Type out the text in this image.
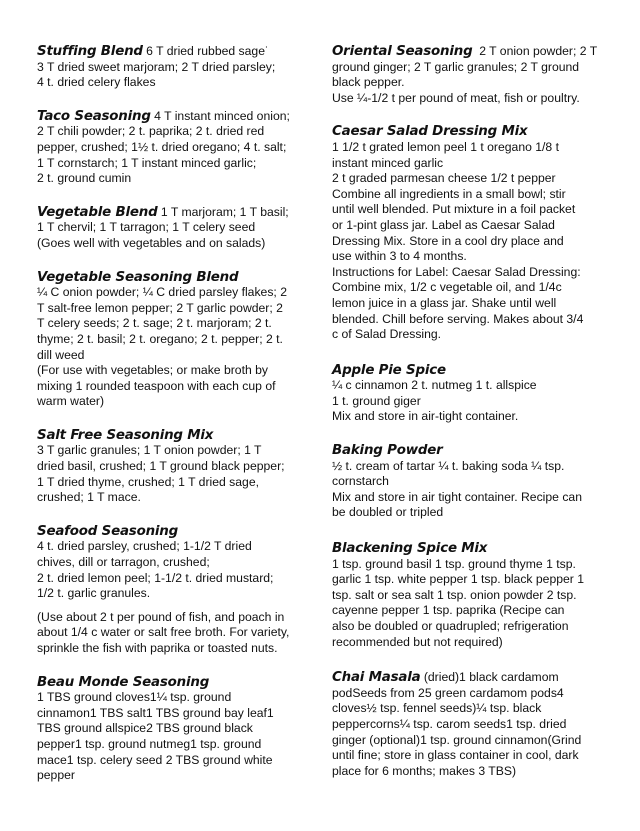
Stuffing Blend 6 T dried rubbed sage˙
3 T dried sweet marjoram; 2 T dried parsley;
4 t. dried celery flakes
Taco Seasoning 4 T instant minced onion;
2 T chili powder; 2 t. paprika; 2 t. dried red
pepper, crushed; 1½ t. dried oregano; 4 t. salt;
1 T cornstarch; 1 T instant minced garlic;
2 t. ground cumin
Vegetable Blend 1 T marjoram; 1 T basil;
1 T chervil; 1 T tarragon; 1 T celery seed
(Goes well with vegetables and on salads)
Vegetable Seasoning Blend
¼ C onion powder; ¼ C dried parsley flakes; 2
T salt-free lemon pepper; 2 T garlic powder; 2
T celery seeds; 2 t. sage; 2 t. marjoram; 2 t.
thyme; 2 t. basil; 2 t. oregano; 2 t. pepper; 2 t.
dill weed
(For use with vegetables; or make broth by
mixing 1 rounded teaspoon with each cup of
warm water)
Salt Free Seasoning Mix
3 T garlic granules; 1 T onion powder; 1 T
dried basil, crushed; 1 T ground black pepper;
1 T dried thyme, crushed; 1 T dried sage,
crushed; 1 T mace.
Seafood Seasoning
4 t. dried parsley, crushed; 1-1/2 T dried
chives, dill or tarragon, crushed;
2 t. dried lemon peel; 1-1/2 t. dried mustard;
1/2 t. garlic granules.

(Use about 2 t per pound of fish, and poach in
about 1/4 c water or salt free broth. For variety,
sprinkle the fish with paprika or toasted nuts.
Beau Monde Seasoning
1 TBS ground cloves1¼ tsp. ground
cinnamon1 TBS salt1 TBS ground bay leaf1
TBS ground allspice2 TBS ground black
pepper1 tsp. ground nutmeg1 tsp. ground
mace1 tsp. celery seed 2 TBS ground white
pepper
Oriental Seasoning  2 T onion powder; 2 T
ground ginger; 2 T garlic granules; 2 T ground
black pepper.
Use ¼-1/2 t per pound of meat, fish or poultry.
Caesar Salad Dressing Mix
1 1/2 t grated lemon peel 1 t oregano 1/8 t
instant minced garlic
2 t graded parmesan cheese 1/2 t pepper
Combine all ingredients in a small bowl; stir
until well blended. Put mixture in a foil packet
or 1-pint glass jar. Label as Caesar Salad
Dressing Mix. Store in a cool dry place and
use within 3 to 4 months.
Instructions for Label: Caesar Salad Dressing:
Combine mix, 1/2 c vegetable oil, and 1/4c
lemon juice in a glass jar. Shake until well
blended. Chill before serving. Makes about 3/4
c of Salad Dressing.
Apple Pie Spice
¼ c cinnamon 2 t. nutmeg 1 t. allspice
1 t. ground giger
Mix and store in air-tight container.
Baking Powder
½ t. cream of tartar ¼ t. baking soda ¼ tsp.
cornstarch
Mix and store in air tight container. Recipe can
be doubled or tripled
Blackening Spice Mix
1 tsp. ground basil 1 tsp. ground thyme 1 tsp.
garlic 1 tsp. white pepper 1 tsp. black pepper 1
tsp. salt or sea salt 1 tsp. onion powder 2 tsp.
cayenne pepper 1 tsp. paprika (Recipe can
also be doubled or quadrupled; refrigeration
recommended but not required)
Chai Masala (dried)1 black cardamom
podSeeds from 25 green cardamom pods4
cloves½ tsp. fennel seeds)¼ tsp. black
peppercorns¼ tsp. carom seeds1 tsp. dried
ginger (optional)1 tsp. ground cinnamon(Grind
until fine; store in glass container in cool, dark
place for 6 months; makes 3 TBS)
